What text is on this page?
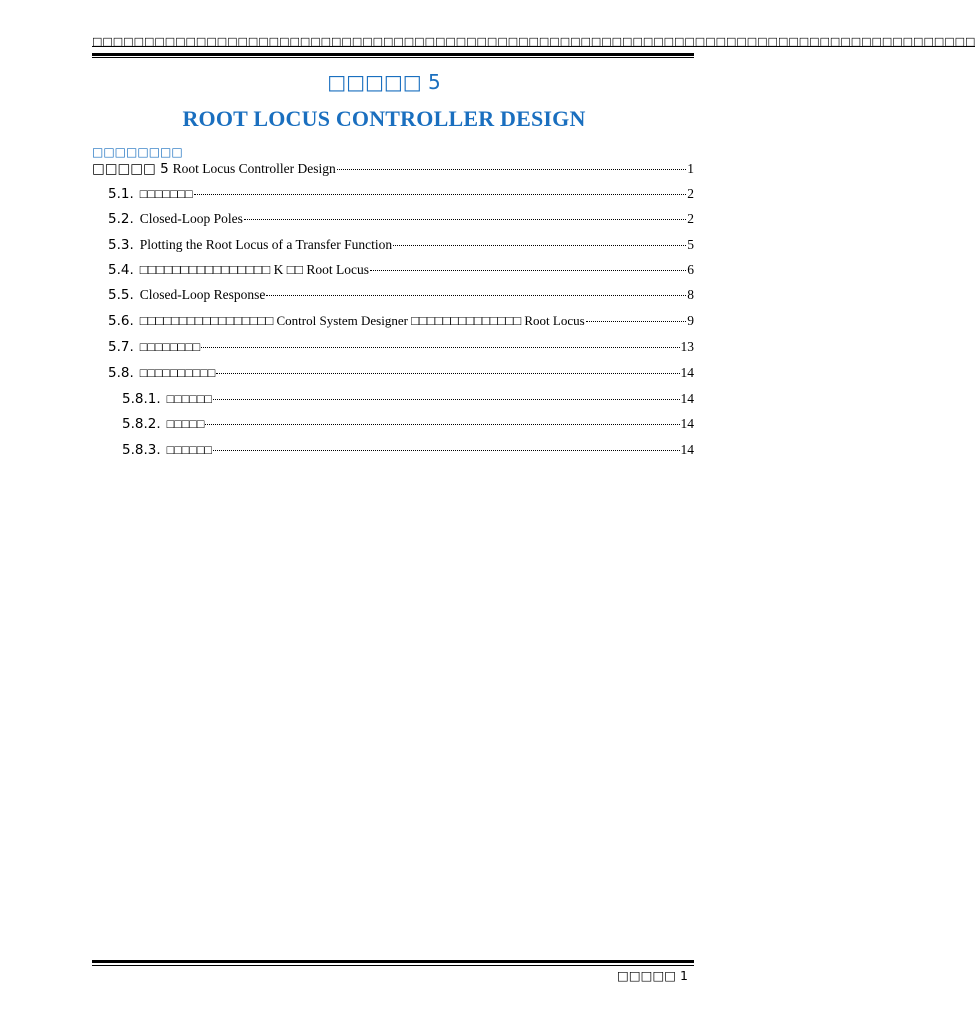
□□□□□□□□□□□□□□□□□□□□□□□□□□□□□□□□□□□□□□□□□□□□□□□□ □□□□□□□□□□□□□□□□□□□□□□□□□□□□□□□□□□□□□
□□□□□ 5
ROOT LOCUS CONTROLLER DESIGN
□□□□□□□□
□□□□□ 5 Root Locus Controller Design	1
5.1. □□□□□□□	2
5.2. Closed-Loop Poles	2
5.3. Plotting the Root Locus of a Transfer Function	5
5.4. □□□□□□□□□□□□□□□□ K □□ Root Locus	6
5.5. Closed-Loop Response	8
5.6. □□□□□□□□□□□□□□□□□ Control System Designer □□□□□□□□□□□□□□ Root Locus	9
5.7. □□□□□□□□	13
5.8. □□□□□□□□□□	14
5.8.1. □□□□□□	14
5.8.2. □□□□□	14
5.8.3. □□□□□□	14
□□□□□ 1
